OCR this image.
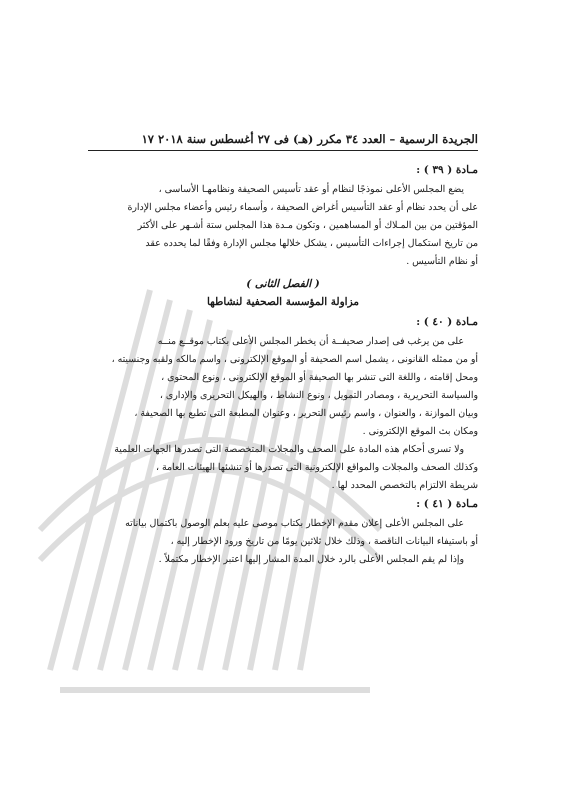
الجريدة الرسمية – العدد ٣٤ مكرر (هـ) فى ٢٧ أغسطس سنة ٢٠١٨ ١٧
مـادة ( ٣٩ ) :

يضع المجلس الأعلى نموذجًا لنظام أو عقد تأسيس الصحيفة ونظامهـا الأساسى ،

على أن يحدد نظام أو عقد التأسيس أغراض الصحيفة ، وأسماء رئيس وأعضاء مجلس الإدارة

المؤقتين من بين المـلاك أو المساهمين ، وتكون مـدة هذا المجلس ستة أشـهر على الأكثر

من تاريخ استكمال إجراءات التأسيس ، يشكل خلالها مجلس الإدارة وفقًا لما يحدده عقد

أو نظام التأسيس .

( الفصل الثانى )
مزاولة المؤسسة الصحفية لنشاطها
مـادة ( ٤٠ ) :

على من يرغب فى إصدار صحيفــة أن يخطر المجلس الأعلى بكتاب موقــع منــه

أو من ممثله القانونى ، يشمل اسم الصحيفة أو الموقع الإلكترونى ، واسم مالكه ولقبه وجنسيته ،

ومحل إقامته ، واللغة التى تنشر بها الصحيفة أو الموقع الإلكترونى ، ونوع المحتوى ،

والسياسة التحريرية ، ومصادر التمويل ، ونوع النشاط ، والهيكل التحريرى والإدارى ،

وبيان الموازنة ، والعنوان ، واسم رئيس التحرير ، وعنوان المطبعة التى تطبع بها الصحيفة ،

ومكان بث الموقع الإلكترونى .

ولا تسرى أحكام هذه المادة على الصحف والمجلات المتخصصة التى تصدرها الجهات العلمية

وكذلك الصحف والمجلات والمواقع الإلكترونية التى تصدرها أو تنشئها الهيئات العامة ،

شريطة الالتزام بالتخصص المحدد لها .

مـادة ( ٤١ ) :

على المجلس الأعلى إعلان مقدم الإخطار بكتاب موصى عليه بعلم الوصول باكتمال بياناته

أو باستيفاء البيانات الناقصة ، وذلك خلال ثلاثين يومًا من تاريخ ورود الإخطار إليه ،

وإذا لم يقم المجلس الأعلى بالرد خلال المدة المشار إليها اعتبر الإخطار مكتملاً .
